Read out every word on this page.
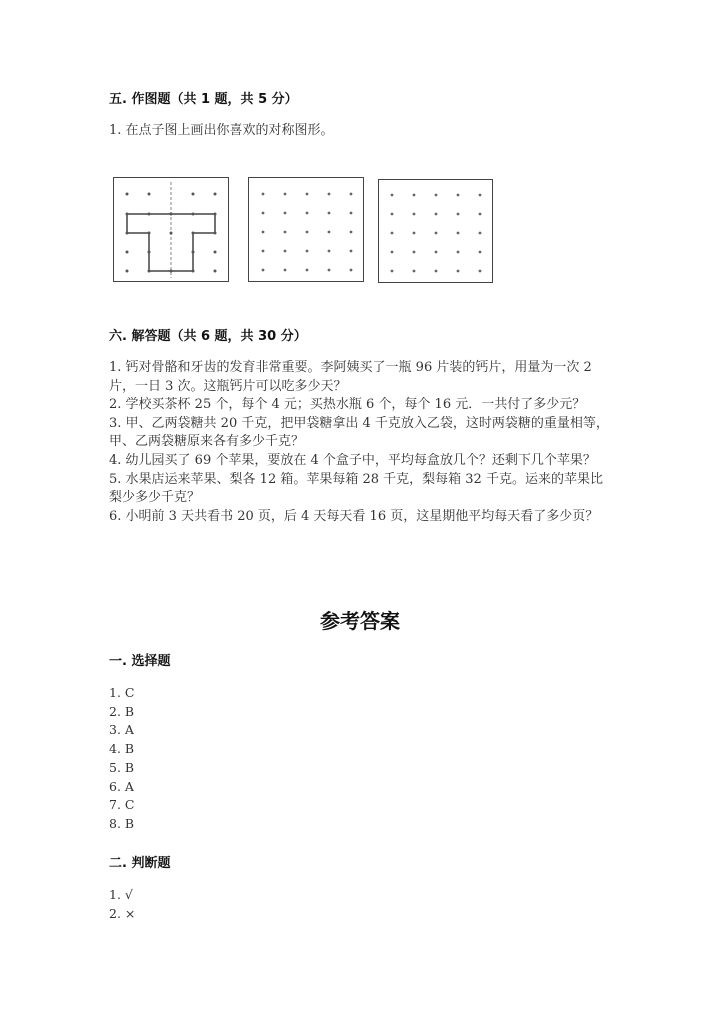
五. 作图题（共 1 题，共 5 分）
1. 在点子图上画出你喜欢的对称图形。
六. 解答题（共 6 题，共 30 分）
1. 钙对骨骼和牙齿的发育非常重要。李阿姨买了一瓶 96 片装的钙片，用量为一次 2 片，一日 3 次。这瓶钙片可以吃多少天？
2. 学校买茶杯 25 个，每个 4 元；买热水瓶 6 个，每个 16 元．一共付了多少元？
3. 甲、乙两袋糖共 20 千克，把甲袋糖拿出 4 千克放入乙袋，这时两袋糖的重量相等，甲、乙两袋糖原来各有多少千克？
4. 幼儿园买了 69 个苹果，要放在 4 个盒子中，平均每盒放几个？还剩下几个苹果？
5. 水果店运来苹果、梨各 12 箱。苹果每箱 28 千克，梨每箱 32 千克。运来的苹果比梨少多少千克？
6. 小明前 3 天共看书 20 页，后 4 天每天看 16 页，这星期他平均每天看了多少页？
参考答案
一. 选择题
1. C
2. B
3. A
4. B
5. B
6. A
7. C
8. B
二. 判断题
1. √
2. ×
